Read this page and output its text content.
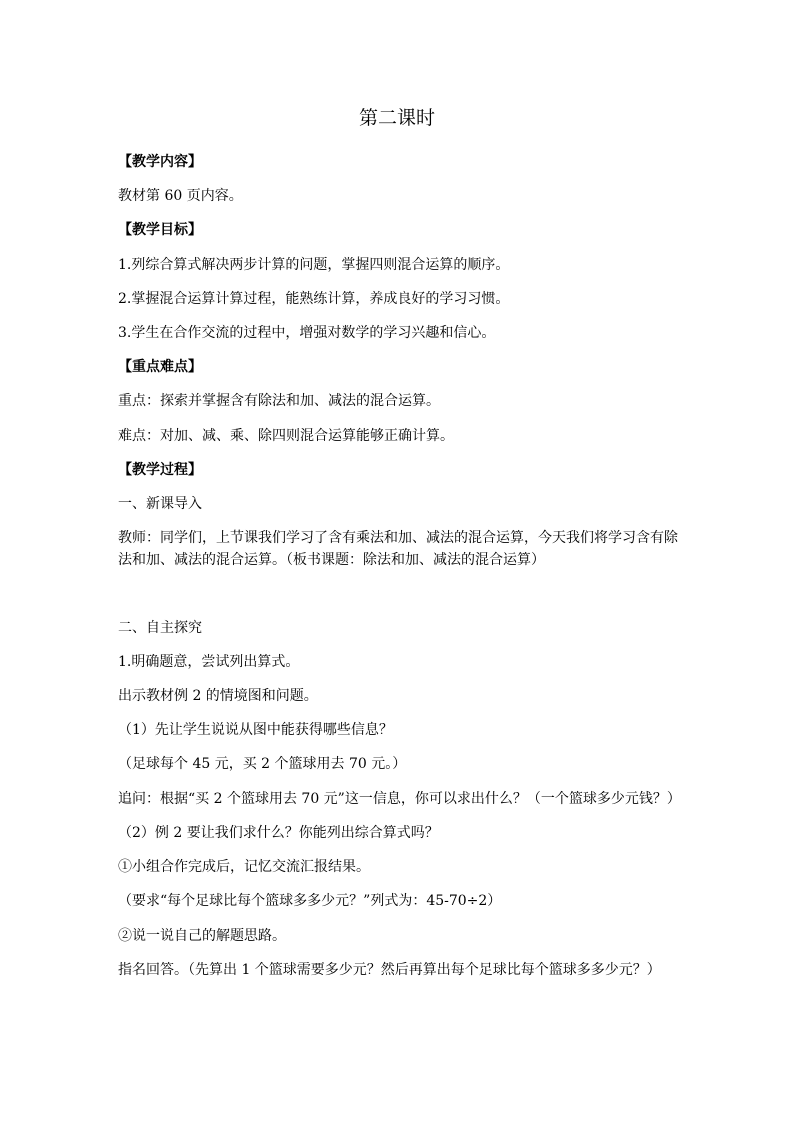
第二课时
【教学内容】
教材第 60 页内容。
【教学目标】
1.列综合算式解决两步计算的问题，掌握四则混合运算的顺序。
2.掌握混合运算计算过程，能熟练计算，养成良好的学习习惯。
3.学生在合作交流的过程中，增强对数学的学习兴趣和信心。
【重点难点】
重点：探索并掌握含有除法和加、减法的混合运算。
难点：对加、减、乘、除四则混合运算能够正确计算。
【教学过程】
一、新课导入
教师：同学们，上节课我们学习了含有乘法和加、减法的混合运算，今天我们将学习含有除法和加、减法的混合运算。（板书课题：除法和加、减法的混合运算）
二、自主探究
1.明确题意，尝试列出算式。
出示教材例 2 的情境图和问题。
（1）先让学生说说从图中能获得哪些信息？
（足球每个 45 元，买 2 个篮球用去 70 元。）
追问：根据“买 2 个篮球用去 70 元”这一信息，你可以求出什么？（一个篮球多少元钱？）
（2）例 2 要让我们求什么？你能列出综合算式吗？
①小组合作完成后，记忆交流汇报结果。
（要求“每个足球比每个篮球多多少元？”列式为：45-70÷2）
②说一说自己的解题思路。
指名回答。（先算出 1 个篮球需要多少元？然后再算出每个足球比每个篮球多多少元？）
